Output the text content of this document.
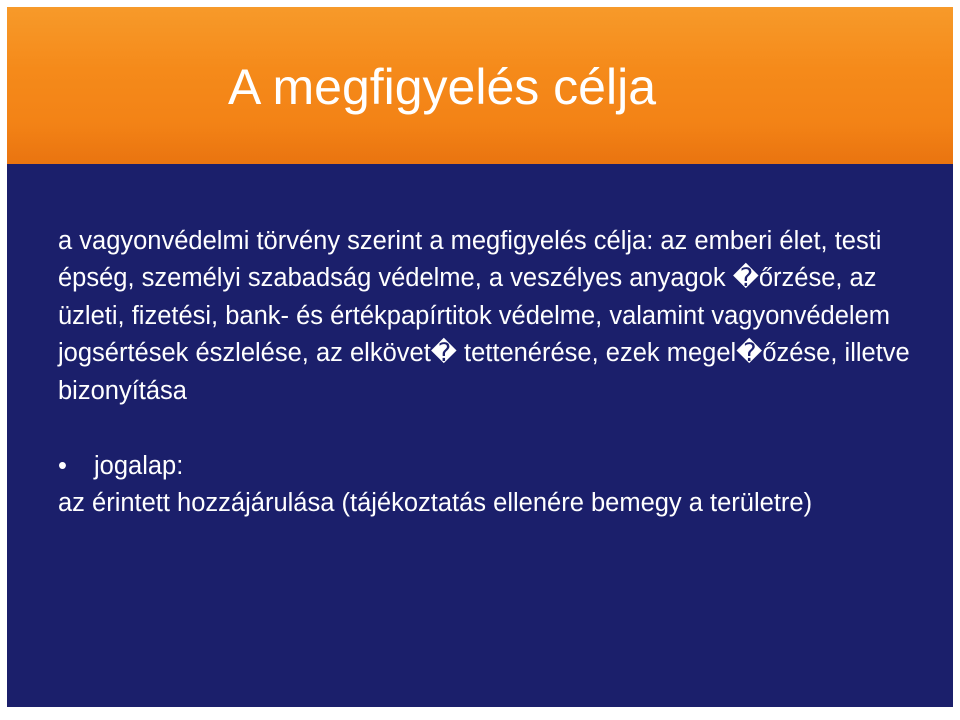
A megfigyelés célja

a vagyonvédelmi törvény szerint a megfigyelés célja: az emberi élet, testi épség, személyi szabadság védelme, a veszélyes anyagok �őrzése, az üzleti, fizetési, bank- és értékpapírtitok védelme, valamint vagyonvédelem jogsértések észlelése, az elkövet� tettenérése, ezek megel�őzése, illetve bizonyítása

• jogalap:

az érintett hozzájárulása (tájékoztatás ellenére bemegy a területre)
